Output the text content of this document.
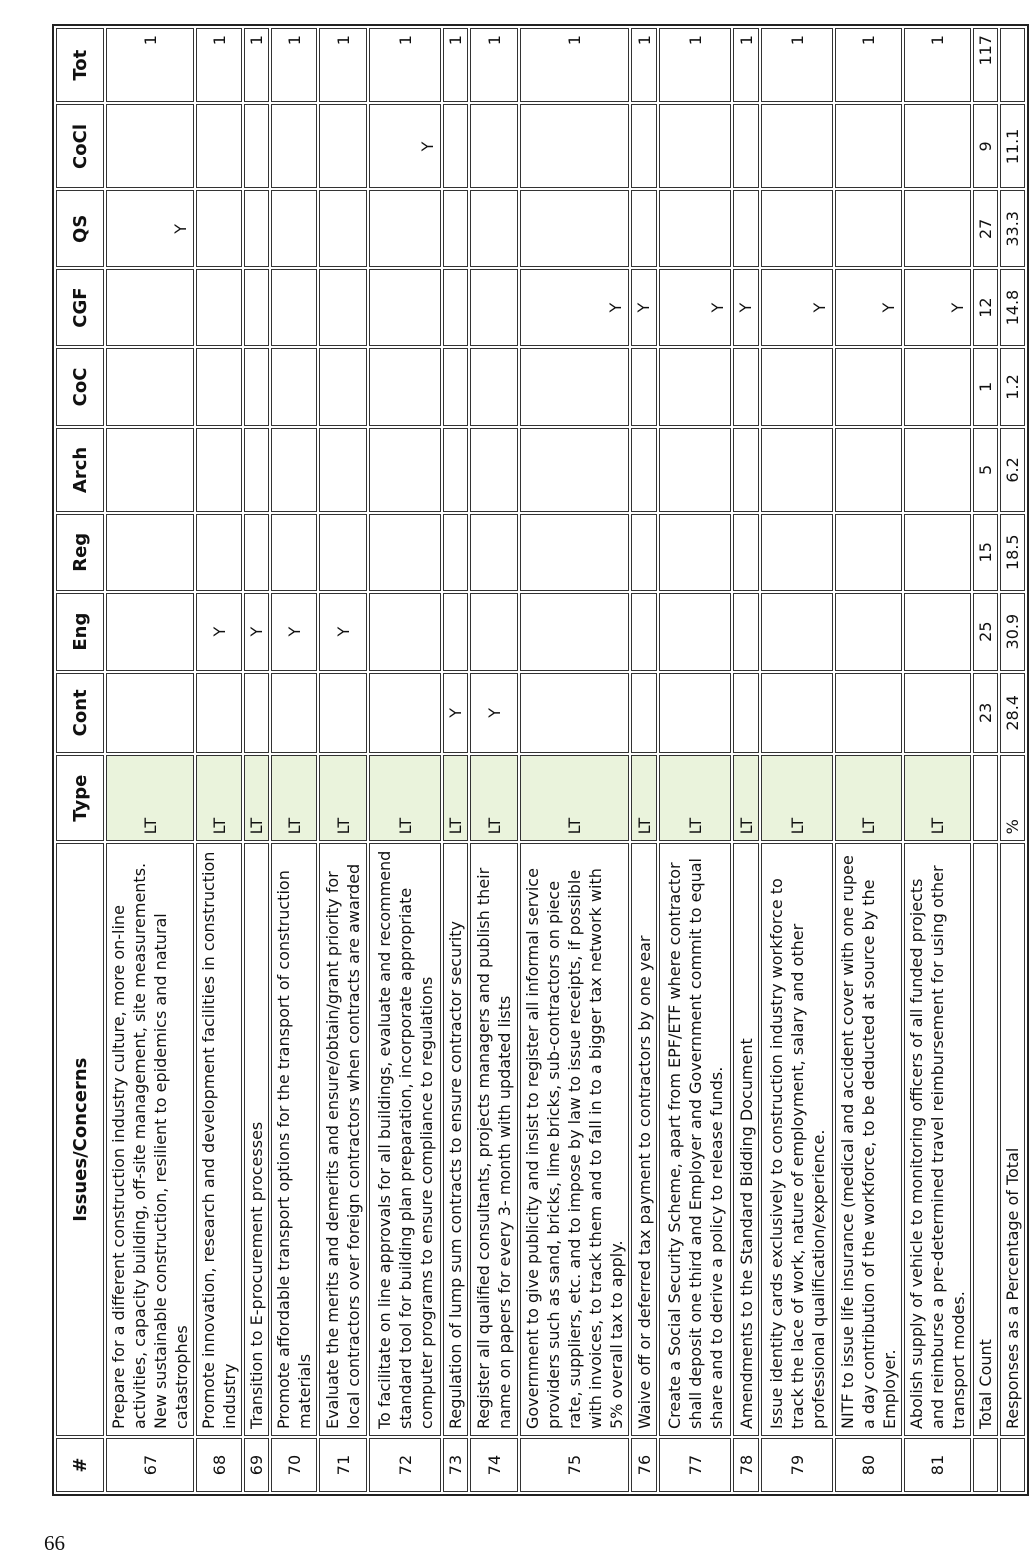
66
#	Issues/Concerns	Type	Cont	Eng	Reg	Arch	CoC	CGF	QS	CoCl	Tot
67	Prepare for a different construction industry culture, more on-line activities, capacity building, off-site management, site measurements. New sustainable construction, resilient to epidemics and natural catastrophes	LT							Y		1
68	Promote innovation, research and development facilities in construction industry	LT		Y							1
69	Transition to E-procurement processes	LT		Y							1
70	Promote affordable transport options for the transport of construction materials	LT		Y							1
71	Evaluate the merits and demerits and ensure/obtain/grant priority for local contractors over foreign contractors when contracts are awarded	LT		Y							1
72	To facilitate on line approvals for all buildings, evaluate and recommend standard tool for building plan preparation, incorporate appropriate computer programs to ensure compliance to regulations	LT								Y	1
73	Regulation of lump sum contracts to ensure contractor security	LT	Y								1
74	Register all qualified consultants, projects managers and publish their name on papers for every 3- month with updated lists	LT	Y								1
75	Government to give publicity and insist to register all informal service providers such as sand, bricks, lime bricks, sub-contractors on piece rate, suppliers, etc. and to impose by law to issue receipts, if possible with invoices, to track them and to fall in to a bigger tax network with 5% overall tax to apply.	LT						Y			1
76	Waive off or deferred tax payment to contractors by one year	LT						Y			1
77	Create a Social Security Scheme, apart from EPF/ETF where contractor shall deposit one third and Employer and Government commit to equal share and to derive a policy to release funds.	LT						Y			1
78	Amendments to the Standard Bidding Document	LT						Y			1
79	Issue identity cards exclusively to construction industry workforce to track the lace of work, nature of employment, salary and other professional qualification/experience.	LT						Y			1
80	NITF to issue life insurance (medical and accident cover with one rupee a day contribution of the workforce, to be deducted at source by the Employer.	LT						Y			1
81	Abolish supply of vehicle to monitoring officers of all funded projects and reimburse a pre-determined travel reimbursement for using other transport modes.	LT						Y			1
	Total Count		23	25	15	5	1	12	27	9	117
	Responses as a Percentage of Total	%	28.4	30.9	18.5	6.2	1.2	14.8	33.3	11.1	
